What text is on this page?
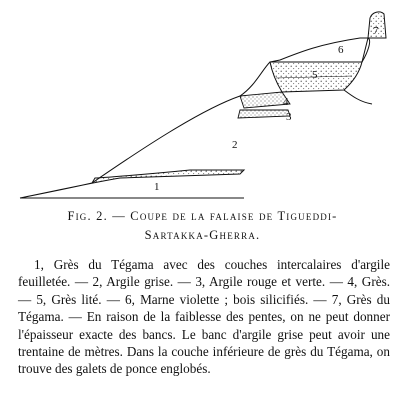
1
2
3
4
5
6
7
Fig. 2. — Coupe de la falaise de Tigueddi-
Sartakka-Gherra.

1, Grès du Tégama avec des couches intercalaires d'argile feuilletée. — 2, Argile grise. — 3, Argile rouge et verte. — 4, Grès. — 5, Grès lité. — 6, Marne violette ; bois silicifiés. — 7, Grès du Tégama. — En raison de la faiblesse des pentes, on ne peut donner l'épaisseur exacte des bancs. Le banc d'argile grise peut avoir une trentaine de mètres. Dans la couche inférieure de grès du Tégama, on trouve des galets de ponce englobés.
